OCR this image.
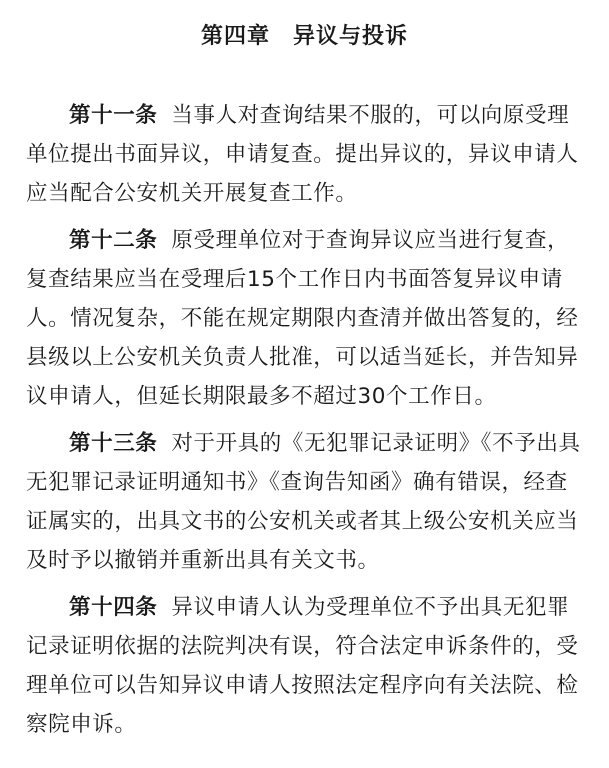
第四章　异议与投诉

第十一条 当事人对查询结果不服的，可以向原受理单位提出书面异议，申请复查。提出异议的，异议申请人应当配合公安机关开展复查工作。

第十二条 原受理单位对于查询异议应当进行复查，复查结果应当在受理后15个工作日内书面答复异议申请人。情况复杂，不能在规定期限内查清并做出答复的，经县级以上公安机关负责人批准，可以适当延长，并告知异议申请人，但延长期限最多不超过30个工作日。

第十三条 对于开具的《无犯罪记录证明》《不予出具无犯罪记录证明通知书》《查询告知函》确有错误，经查证属实的，出具文书的公安机关或者其上级公安机关应当及时予以撤销并重新出具有关文书。

第十四条 异议申请人认为受理单位不予出具无犯罪记录证明依据的法院判决有误，符合法定申诉条件的，受理单位可以告知异议申请人按照法定程序向有关法院、检察院申诉。
